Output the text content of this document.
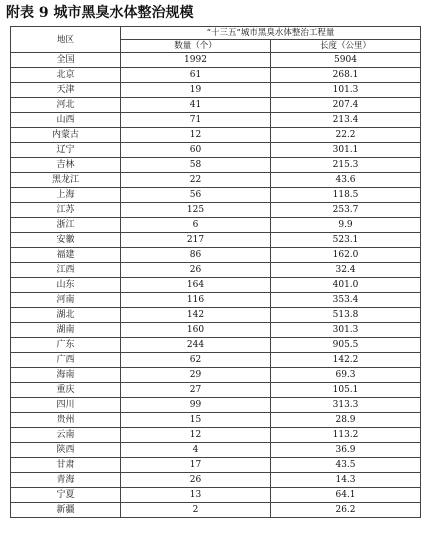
附表 9 城市黑臭水体整治规模
地区	“十三五”城市黑臭水体整治工程量	
	数量（个）	长度（公里）
全国	1992	5904
北京	61	268.1
天津	19	101.3
河北	41	207.4
山西	71	213.4
内蒙古	12	22.2
辽宁	60	301.1
吉林	58	215.3
黑龙江	22	43.6
上海	56	118.5
江苏	125	253.7
浙江	6	9.9
安徽	217	523.1
福建	86	162.0
江西	26	32.4
山东	164	401.0
河南	116	353.4
湖北	142	513.8
湖南	160	301.3
广东	244	905.5
广西	62	142.2
海南	29	69.3
重庆	27	105.1
四川	99	313.3
贵州	15	28.9
云南	12	113.2
陕西	4	36.9
甘肃	17	43.5
青海	26	14.3
宁夏	13	64.1
新疆	2	26.2
